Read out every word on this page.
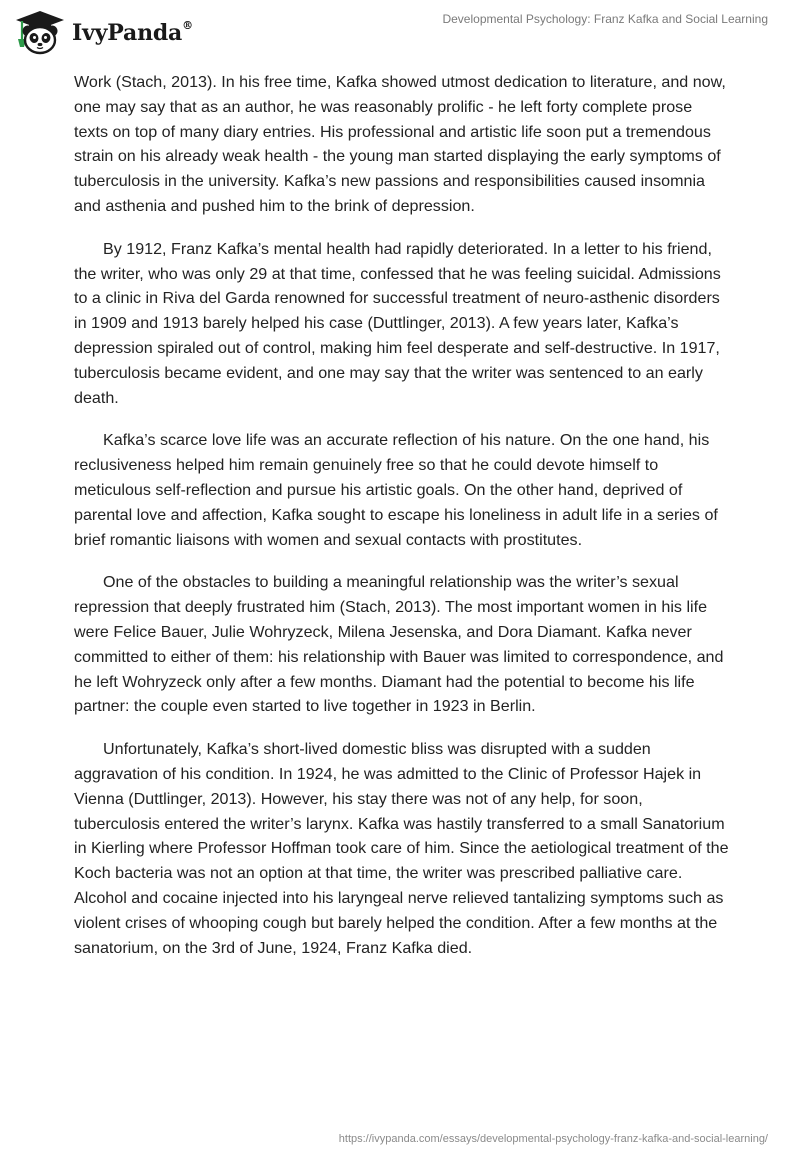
IvyPanda®	Developmental Psychology: Franz Kafka and Social Learning

Work (Stach, 2013). In his free time, Kafka showed utmost dedication to literature, and now, one may say that as an author, he was reasonably prolific - he left forty complete prose texts on top of many diary entries. His professional and artistic life soon put a tremendous strain on his already weak health - the young man started displaying the early symptoms of tuberculosis in the university. Kafka’s new passions and responsibilities caused insomnia and asthenia and pushed him to the brink of depression.

By 1912, Franz Kafka’s mental health had rapidly deteriorated. In a letter to his friend, the writer, who was only 29 at that time, confessed that he was feeling suicidal. Admissions to a clinic in Riva del Garda renowned for successful treatment of neuro-asthenic disorders in 1909 and 1913 barely helped his case (Duttlinger, 2013). A few years later, Kafka’s depression spiraled out of control, making him feel desperate and self-destructive. In 1917, tuberculosis became evident, and one may say that the writer was sentenced to an early death.

Kafka’s scarce love life was an accurate reflection of his nature. On the one hand, his reclusiveness helped him remain genuinely free so that he could devote himself to meticulous self-reflection and pursue his artistic goals. On the other hand, deprived of parental love and affection, Kafka sought to escape his loneliness in adult life in a series of brief romantic liaisons with women and sexual contacts with prostitutes.

One of the obstacles to building a meaningful relationship was the writer’s sexual repression that deeply frustrated him (Stach, 2013). The most important women in his life were Felice Bauer, Julie Wohryzeck, Milena Jesenska, and Dora Diamant. Kafka never committed to either of them: his relationship with Bauer was limited to correspondence, and he left Wohryzeck only after a few months. Diamant had the potential to become his life partner: the couple even started to live together in 1923 in Berlin.

Unfortunately, Kafka’s short-lived domestic bliss was disrupted with a sudden aggravation of his condition. In 1924, he was admitted to the Clinic of Professor Hajek in Vienna (Duttlinger, 2013). However, his stay there was not of any help, for soon, tuberculosis entered the writer’s larynx. Kafka was hastily transferred to a small Sanatorium in Kierling where Professor Hoffman took care of him. Since the aetiological treatment of the Koch bacteria was not an option at that time, the writer was prescribed palliative care. Alcohol and cocaine injected into his laryngeal nerve relieved tantalizing symptoms such as violent crises of whooping cough but barely helped the condition. After a few months at the sanatorium, on the 3rd of June, 1924, Franz Kafka died.

https://ivypanda.com/essays/developmental-psychology-franz-kafka-and-social-learning/
